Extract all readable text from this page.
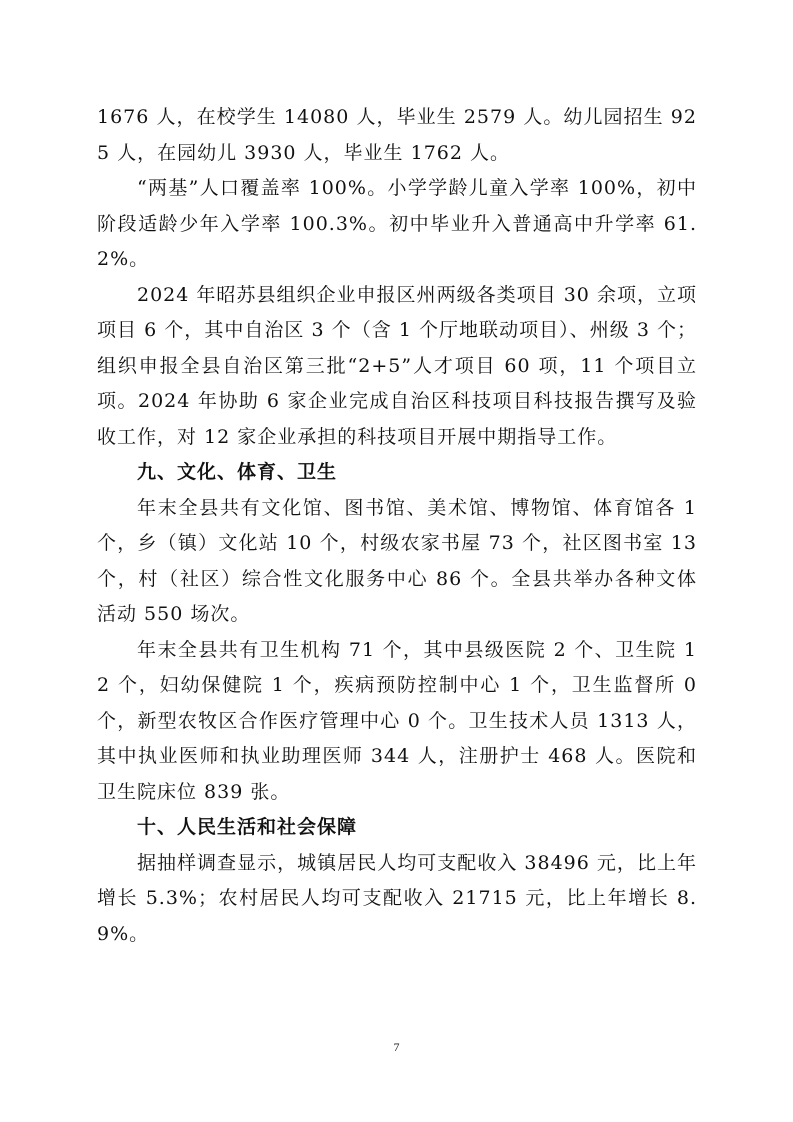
1676 人，在校学生 14080 人，毕业生 2579 人。幼儿园招生 925 人，在园幼儿 3930 人，毕业生 1762 人。

“两基”人口覆盖率 100%。小学学龄儿童入学率 100%，初中阶段适龄少年入学率 100.3%。初中毕业升入普通高中升学率 61.2%。

2024 年昭苏县组织企业申报区州两级各类项目 30 余项，立项项目 6 个，其中自治区 3 个（含 1 个厅地联动项目）、州级 3 个；组织申报全县自治区第三批“2+5”人才项目 60 项，11 个项目立项。2024 年协助 6 家企业完成自治区科技项目科技报告撰写及验收工作，对 12 家企业承担的科技项目开展中期指导工作。

九、文化、体育、卫生

年末全县共有文化馆、图书馆、美术馆、博物馆、体育馆各 1 个，乡（镇）文化站 10 个，村级农家书屋 73 个，社区图书室 13 个，村（社区）综合性文化服务中心 86 个。全县共举办各种文体活动 550 场次。

年末全县共有卫生机构 71 个，其中县级医院 2 个、卫生院 12 个，妇幼保健院 1 个，疾病预防控制中心 1 个，卫生监督所 0 个，新型农牧区合作医疗管理中心 0 个。卫生技术人员 1313 人，其中执业医师和执业助理医师 344 人，注册护士 468 人。医院和卫生院床位 839 张。

十、人民生活和社会保障

据抽样调查显示，城镇居民人均可支配收入 38496 元，比上年增长 5.3%；农村居民人均可支配收入 21715 元，比上年增长 8.9%。

7
